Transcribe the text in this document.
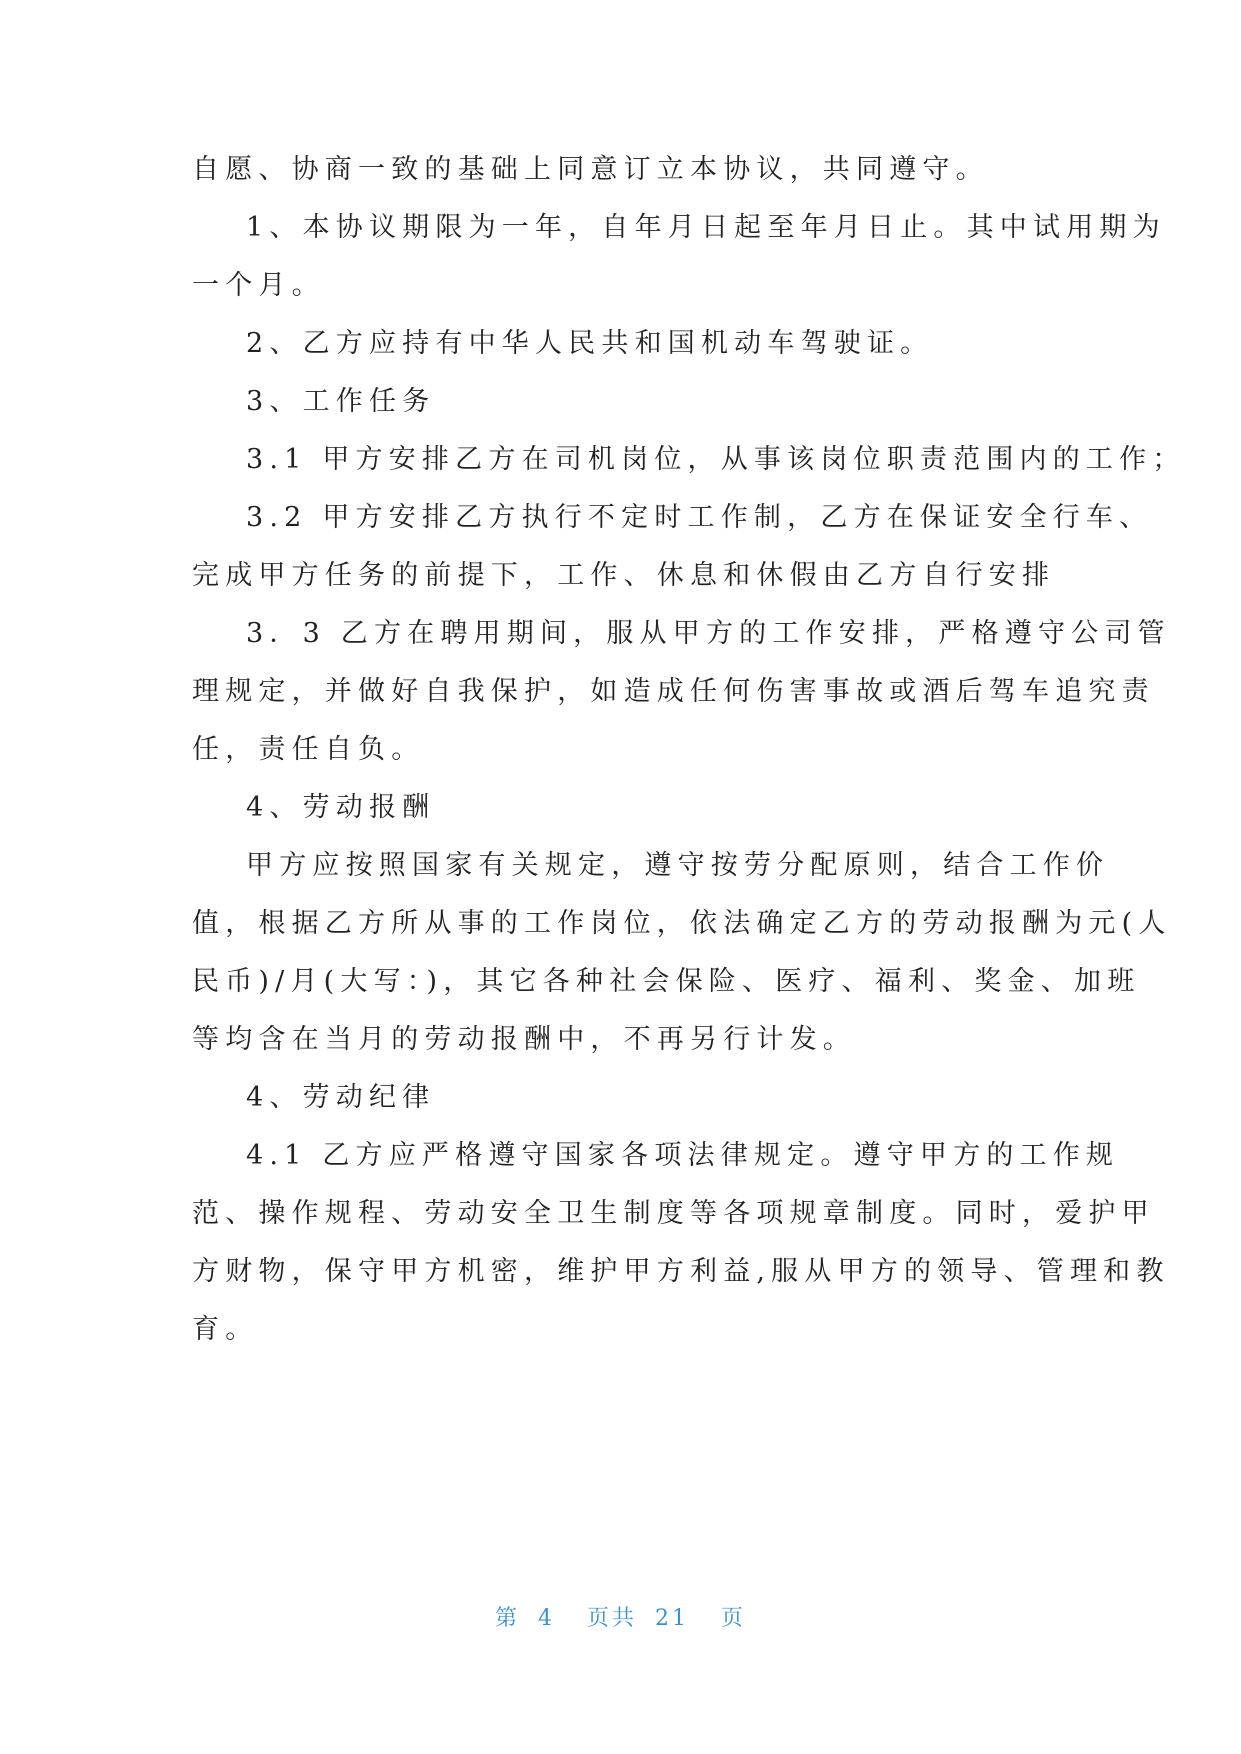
自愿、协商一致的基础上同意订立本协议，共同遵守。
1、本协议期限为一年，自年月日起至年月日止。其中试用期为
一个月。
2、乙方应持有中华人民共和国机动车驾驶证。
3、工作任务
3.1 甲方安排乙方在司机岗位，从事该岗位职责范围内的工作；
3.2 甲方安排乙方执行不定时工作制，乙方在保证安全行车、
完成甲方任务的前提下，工作、休息和休假由乙方自行安排
3．3 乙方在聘用期间，服从甲方的工作安排，严格遵守公司管
理规定，并做好自我保护，如造成任何伤害事故或酒后驾车追究责
任，责任自负。
4、劳动报酬
甲方应按照国家有关规定，遵守按劳分配原则，结合工作价
值，根据乙方所从事的工作岗位，依法确定乙方的劳动报酬为元(人
民币)/月(大写：)，其它各种社会保险、医疗、福利、奖金、加班
等均含在当月的劳动报酬中，不再另行计发。
4、劳动纪律
4.1 乙方应严格遵守国家各项法律规定。遵守甲方的工作规
范、操作规程、劳动安全卫生制度等各项规章制度。同时，爱护甲
方财物，保守甲方机密，维护甲方利益,服从甲方的领导、管理和教
育。
第 4 页共 21 页
